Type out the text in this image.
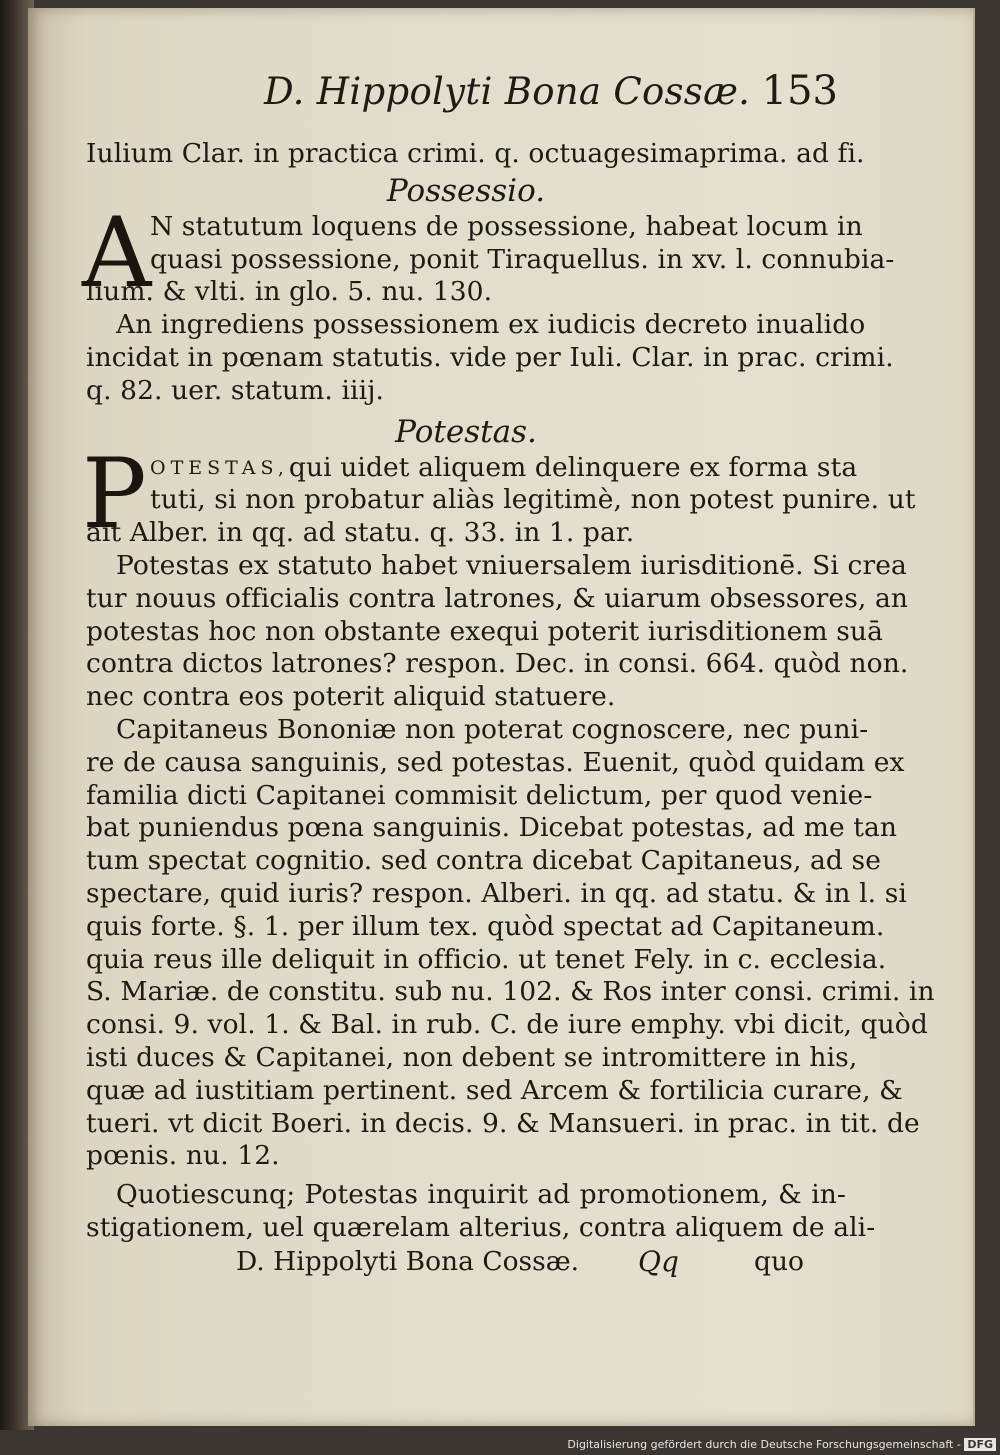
D. Hippolyti Bona Cossæ. 153
Iulium Clar. in practica crimi. q. octuagesimaprima. ad fi.
Possessio.
A
N statutum loquens de possessione, habeat locum in
quasi possessione, ponit Tiraquellus. in xv. l. connubia-
lium. & vlti. in glo. 5. nu. 130.
An ingrediens possessionem ex iudicis decreto inualido
incidat in pœnam statutis. vide per Iuli. Clar. in prac. crimi.
q. 82. uer. statum. iiij.
Potestas.
P OTESTAS, qui uidet aliquem delinquere ex forma sta
tuti, si non probatur aliàs legitimè, non potest punire. ut
ait Alber. in qq. ad statu. q. 33. in 1. par.
Potestas ex statuto habet vniuersalem iurisditionē. Si crea
tur nouus officialis contra latrones, & uiarum obsessores, an
potestas hoc non obstante exequi poterit iurisditionem suā
contra dictos latrones? respon. Dec. in consi. 664. quòd non.
nec contra eos poterit aliquid statuere.
Capitaneus Bononiæ non poterat cognoscere, nec puni-
re de causa sanguinis, sed potestas. Euenit, quòd quidam ex
familia dicti Capitanei commisit delictum, per quod venie-
bat puniendus pœna sanguinis. Dicebat potestas, ad me tan
tum spectat cognitio. sed contra dicebat Capitaneus, ad se
spectare, quid iuris? respon. Alberi. in qq. ad statu. & in l. si
quis forte. §. 1. per illum tex. quòd spectat ad Capitaneum.
quia reus ille deliquit in officio. ut tenet Fely. in c. ecclesia.
S. Mariæ. de constitu. sub nu. 102. & Ros inter consi. crimi. in
consi. 9. vol. 1. & Bal. in rub. C. de iure emphy. vbi dicit, quòd
isti duces & Capitanei, non debent se intromittere in his,
quæ ad iustitiam pertinent. sed Arcem & fortilicia curare, &
tueri. vt dicit Boeri. in decis. 9. & Mansueri. in prac. in tit. de
pœnis. nu. 12.
Quotiescunq; Potestas inquirit ad promotionem, & in-
stigationem, uel quærelam alterius, contra aliquem de ali-
D. Hippolyti Bona Cossæ. Qq	quo
Digitalisierung gefördert durch die Deutsche Forschungsgemeinschaft - DFG
